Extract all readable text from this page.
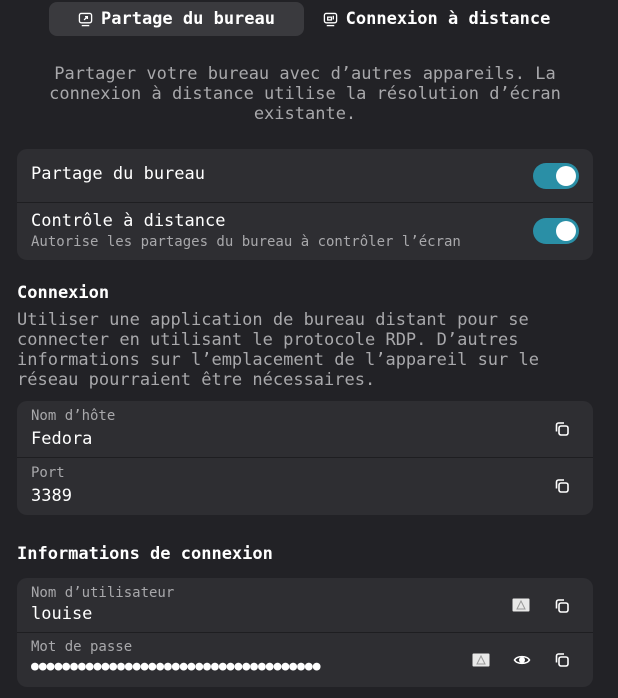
Partage du bureau	Connexion à distance
Partager votre bureau avec d’autres appareils. La connexion à distance utilise la résolution d’écran existante.
Partage du bureau
Contrôle à distance
Autorise les partages du bureau à contrôler l’écran
Connexion
Utiliser une application de bureau distant pour se connecter en utilisant le protocole RDP. D’autres informations sur l’emplacement de l’appareil sur le réseau pourraient être nécessaires.
Nom d’hôte
Fedora
Port
3389
Informations de connexion
Nom d’utilisateur
louise
Mot de passe
●●●●●●●●●●●●●●●●●●●●●●●●●●●●●●●●●●●●●
